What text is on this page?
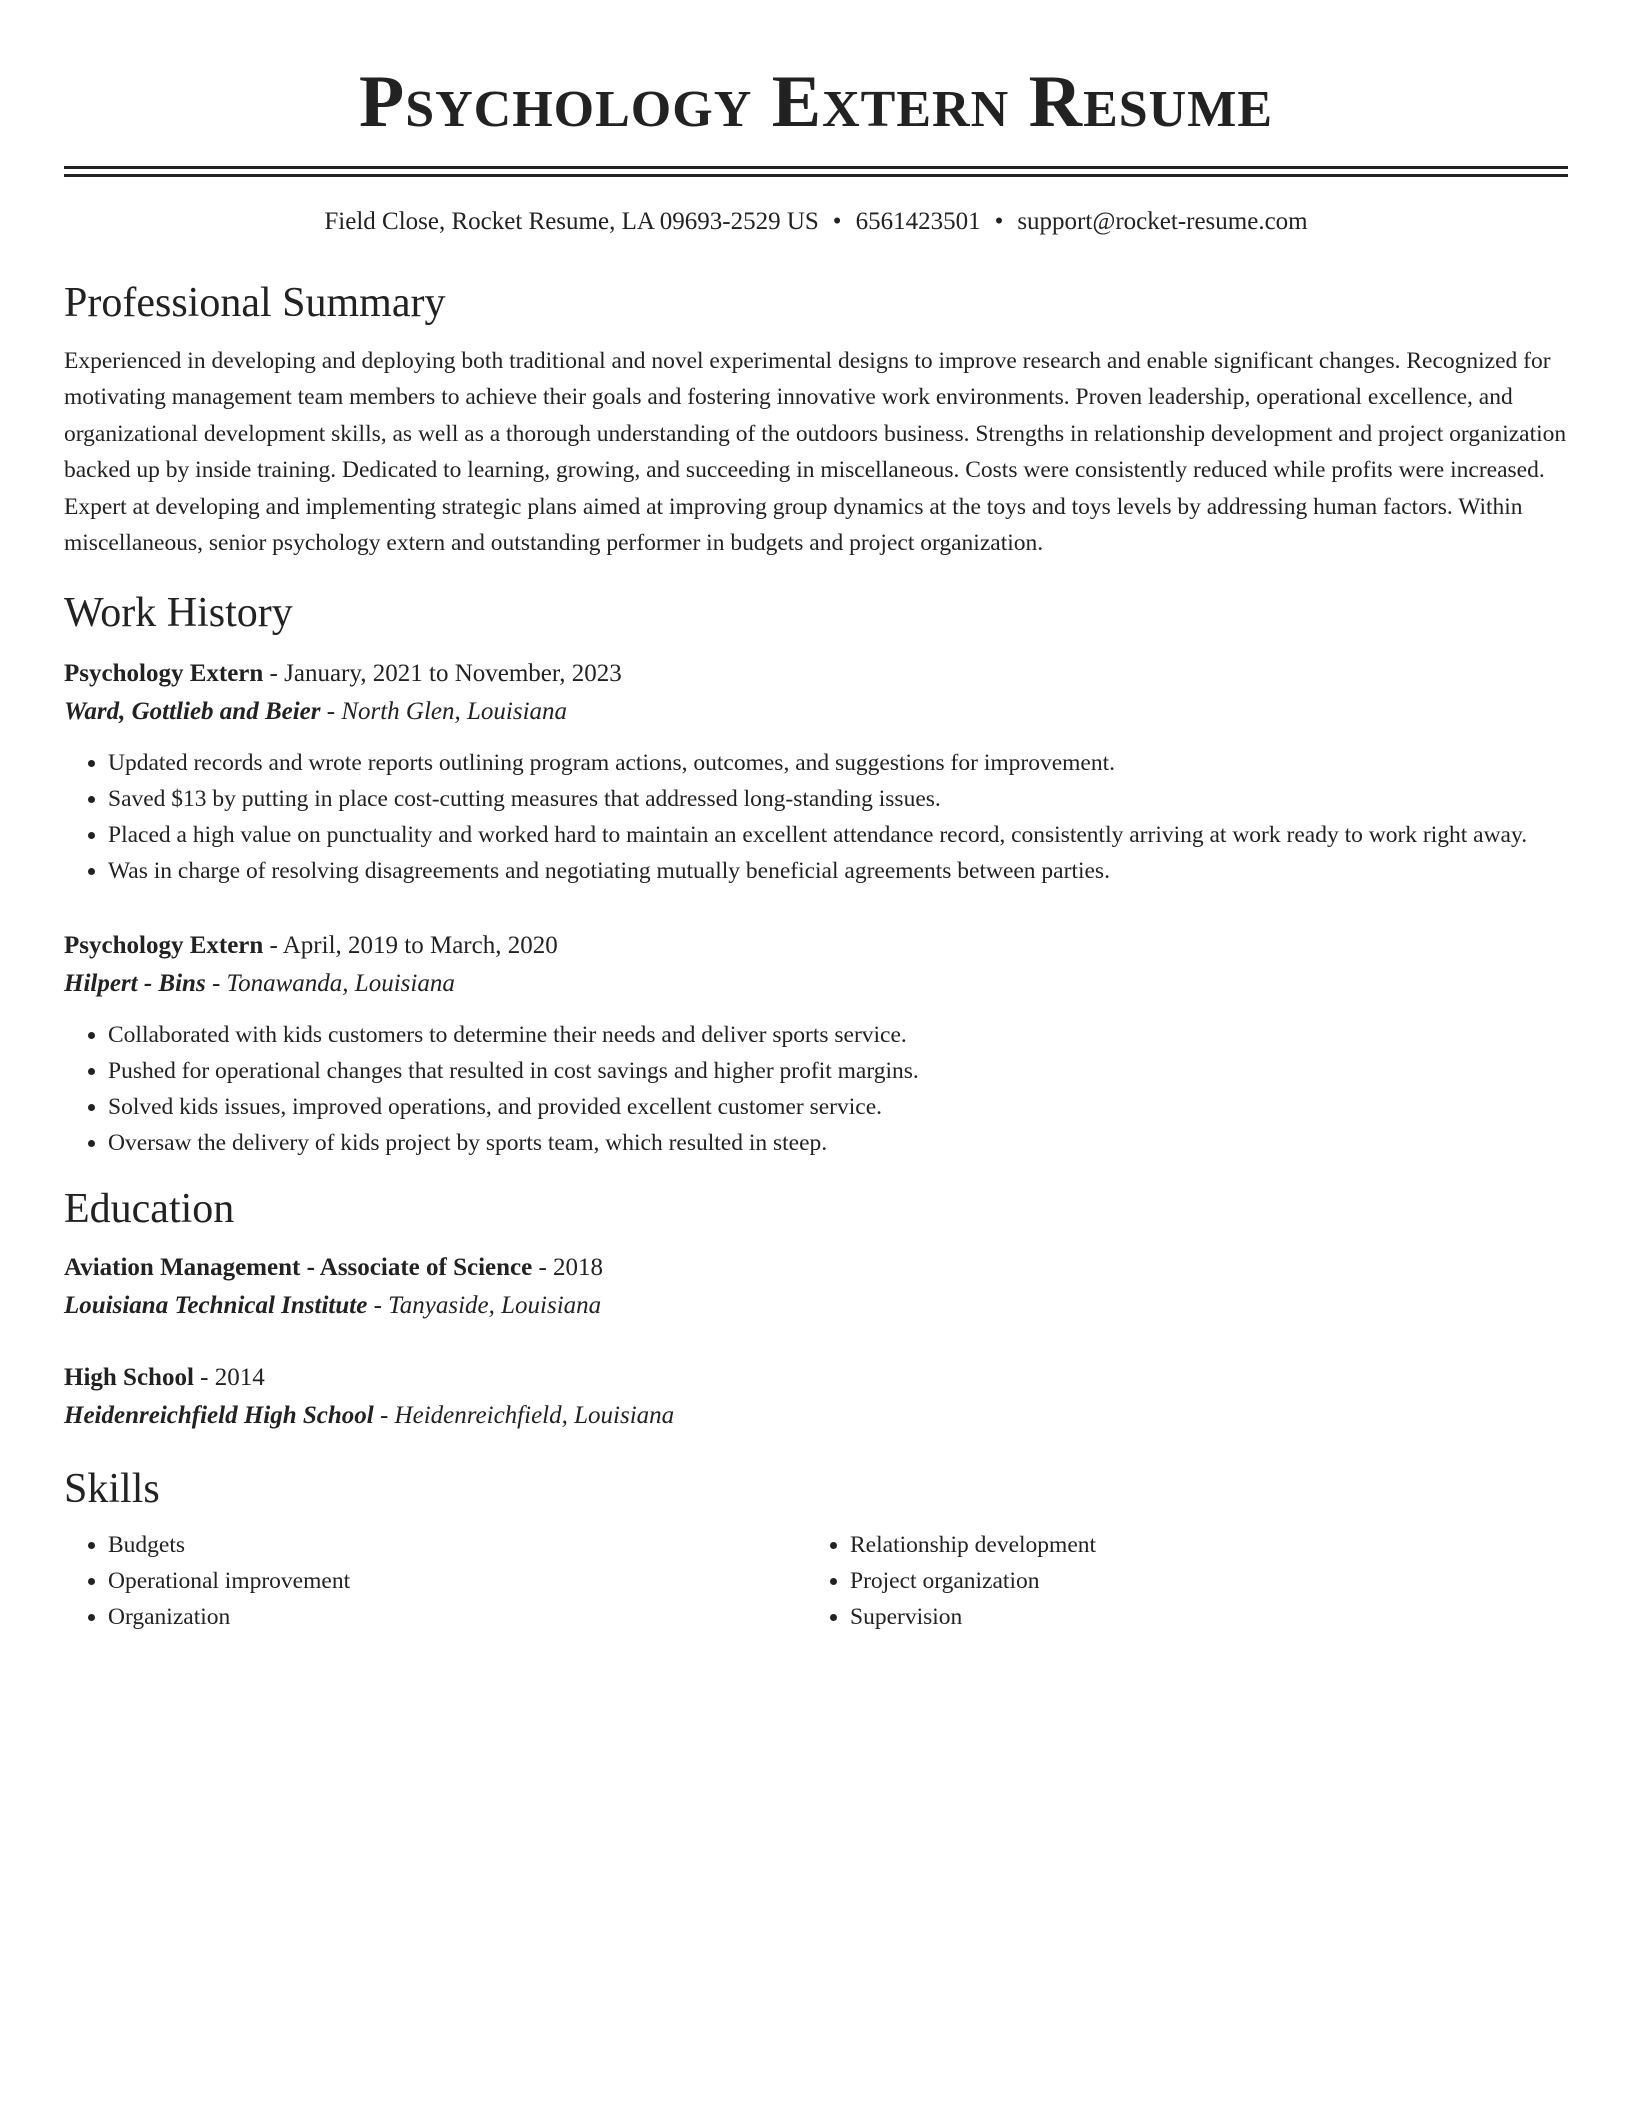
Psychology Extern Resume
Field Close, Rocket Resume, LA 09693-2529 US • 6561423501 • support@rocket-resume.com
Professional Summary

Experienced in developing and deploying both traditional and novel experimental designs to improve research and enable significant changes. Recognized for motivating management team members to achieve their goals and fostering innovative work environments. Proven leadership, operational excellence, and organizational development skills, as well as a thorough understanding of the outdoors business. Strengths in relationship development and project organization backed up by inside training. Dedicated to learning, growing, and succeeding in miscellaneous. Costs were consistently reduced while profits were increased. Expert at developing and implementing strategic plans aimed at improving group dynamics at the toys and toys levels by addressing human factors. Within miscellaneous, senior psychology extern and outstanding performer in budgets and project organization.

Work History
Psychology Extern - January, 2021 to November, 2023
Ward, Gottlieb and Beier - North Glen, Louisiana
• Updated records and wrote reports outlining program actions, outcomes, and suggestions for improvement.
• Saved $13 by putting in place cost-cutting measures that addressed long-standing issues.
• Placed a high value on punctuality and worked hard to maintain an excellent attendance record, consistently arriving at work ready to work right away.
• Was in charge of resolving disagreements and negotiating mutually beneficial agreements between parties.
Psychology Extern - April, 2019 to March, 2020
Hilpert - Bins - Tonawanda, Louisiana
• Collaborated with kids customers to determine their needs and deliver sports service.
• Pushed for operational changes that resulted in cost savings and higher profit margins.
• Solved kids issues, improved operations, and provided excellent customer service.
• Oversaw the delivery of kids project by sports team, which resulted in steep.
Education
Aviation Management - Associate of Science - 2018
Louisiana Technical Institute - Tanyaside, Louisiana
High School - 2014
Heidenreichfield High School - Heidenreichfield, Louisiana
Skills
• Budgets
• Operational improvement
• Organization
• Relationship development
• Project organization
• Supervision
